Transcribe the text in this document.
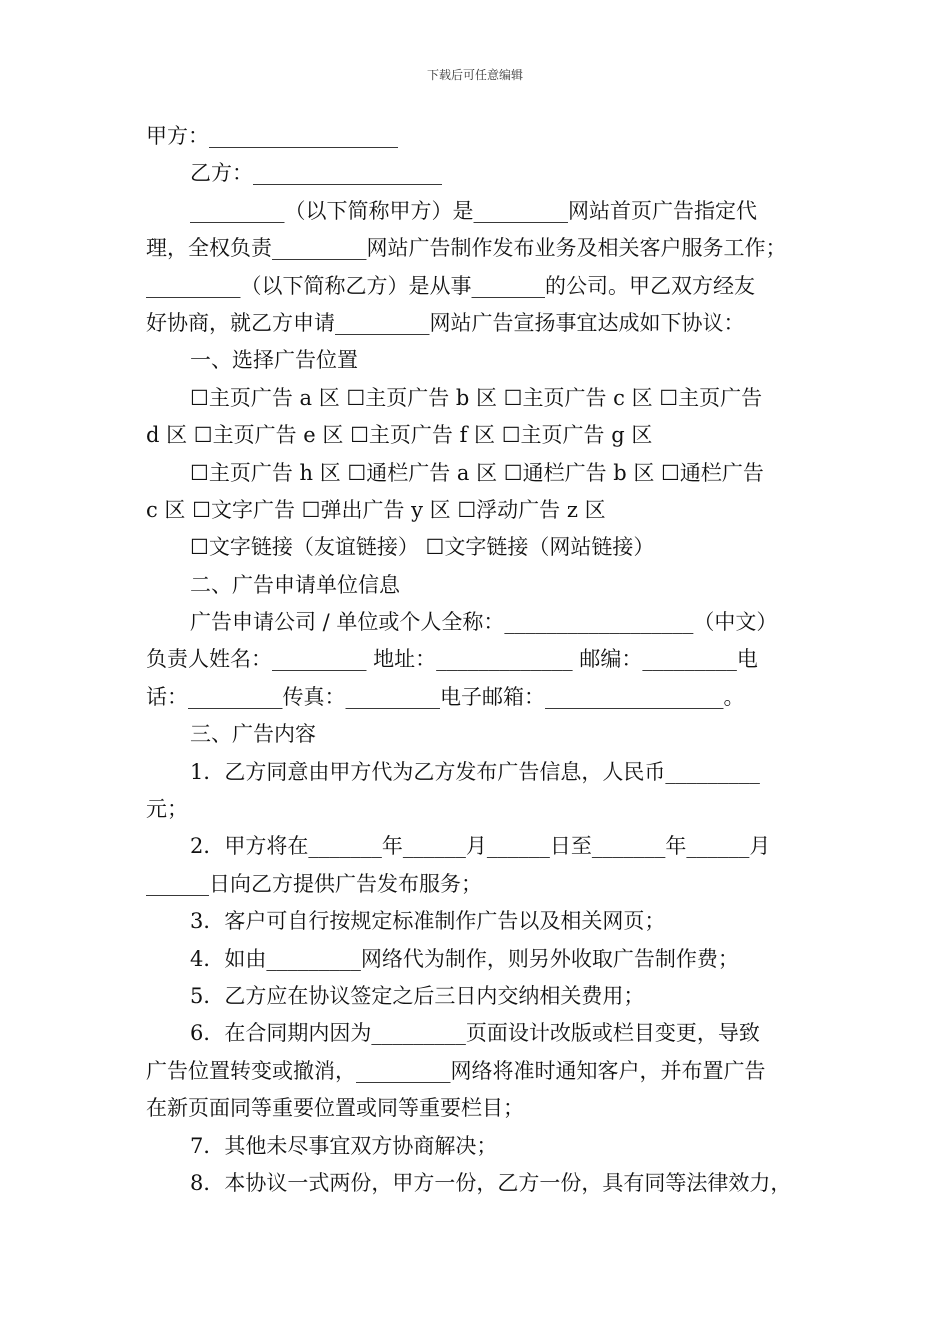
下载后可任意编辑
甲方：__________________
乙方：__________________
_________（以下简称甲方）是_________网站首页广告指定代
理，全权负责_________网站广告制作发布业务及相关客户服务工作；
_________（以下简称乙方）是从事_______的公司。甲乙双方经友
好协商，就乙方申请_________网站广告宣扬事宜达成如下协议：
一、选择广告位置
☐主页广告 a 区 ☐主页广告 b 区 ☐主页广告 c 区 ☐主页广告
d 区 ☐主页广告 e 区 ☐主页广告 f 区 ☐主页广告 g 区
☐主页广告 h 区 ☐通栏广告 a 区 ☐通栏广告 b 区 ☐通栏广告
c 区 ☐文字广告 ☐弹出广告 y 区 ☐浮动广告 z 区
☐文字链接（友谊链接） ☐文字链接（网站链接）
二、广告申请单位信息
广告申请公司 / 单位或个人全称：__________________（中文）
负责人姓名：_________ 地址：_____________ 邮编：_________电
话：_________传真：_________电子邮箱：_________________。
三、广告内容
1．乙方同意由甲方代为乙方发布广告信息，人民币_________
元；
2．甲方将在_______年______月______日至_______年______月
______日向乙方提供广告发布服务；
3．客户可自行按规定标准制作广告以及相关网页；
4．如由_________网络代为制作，则另外收取广告制作费；
5．乙方应在协议签定之后三日内交纳相关费用；
6．在合同期内因为_________页面设计改版或栏目变更，导致
广告位置转变或撤消，_________网络将准时通知客户，并布置广告
在新页面同等重要位置或同等重要栏目；
7．其他未尽事宜双方协商解决；
8．本协议一式两份，甲方一份，乙方一份，具有同等法律效力，
